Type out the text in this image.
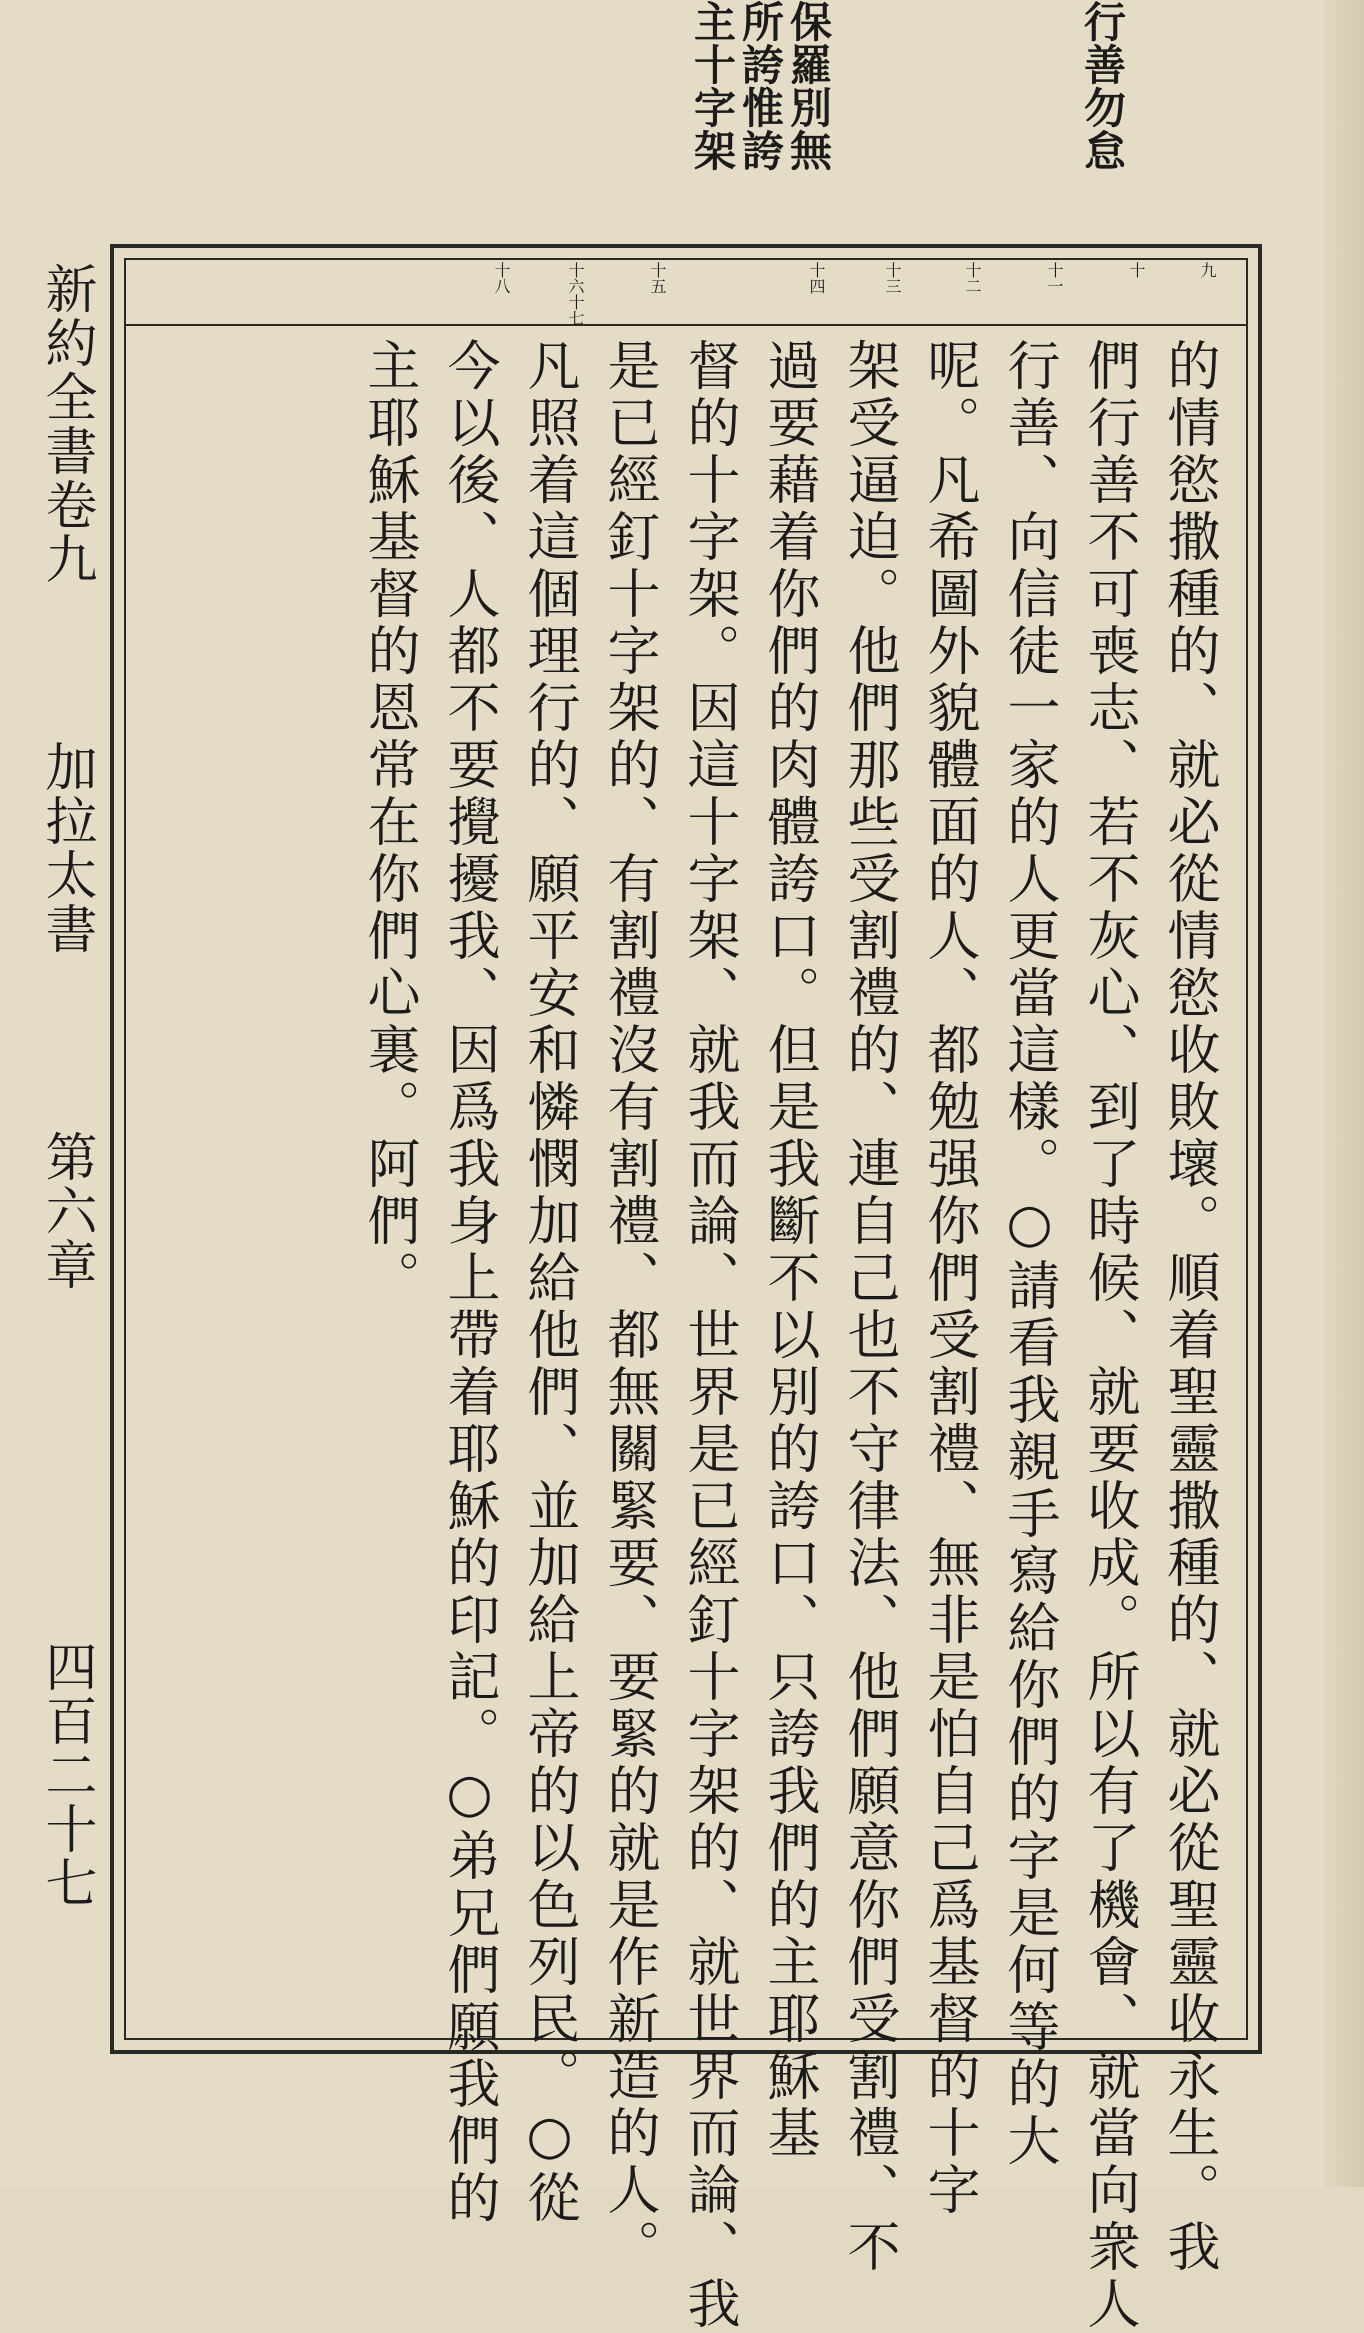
行善勿怠
保羅別無
所誇惟誇
主十字架
新約全書卷九
加拉太書
第六章
四百二十七
九
十
十一
十二
十三
十四
十五
十六十七
十八
的情慾撒種的、就必從情慾收敗壞。順着聖靈撒種的、就必從聖靈收永生。我
們行善不可喪志、若不灰心、到了時候、就要收成。所以有了機會、就當向衆人
行善、向信徒一家的人更當這樣。○請看我親手寫給你們的字是何等的大
呢。凡希圖外貌體面的人、都勉强你們受割禮、無非是怕自己爲基督的十字
架受逼迫。他們那些受割禮的、連自己也不守律法、他們願意你們受割禮、不
過要藉着你們的肉體誇口。但是我斷不以別的誇口、只誇我們的主耶穌基
督的十字架。因這十字架、就我而論、世界是已經釘十字架的、就世界而論、我
是已經釘十字架的、有割禮沒有割禮、都無關緊要、要緊的就是作新造的人。
凡照着這個理行的、願平安和憐憫加給他們、並加給上帝的以色列民。○從
今以後、人都不要攪擾我、因爲我身上帶着耶穌的印記。○弟兄們願我們的
主耶穌基督的恩常在你們心裏。阿們。
